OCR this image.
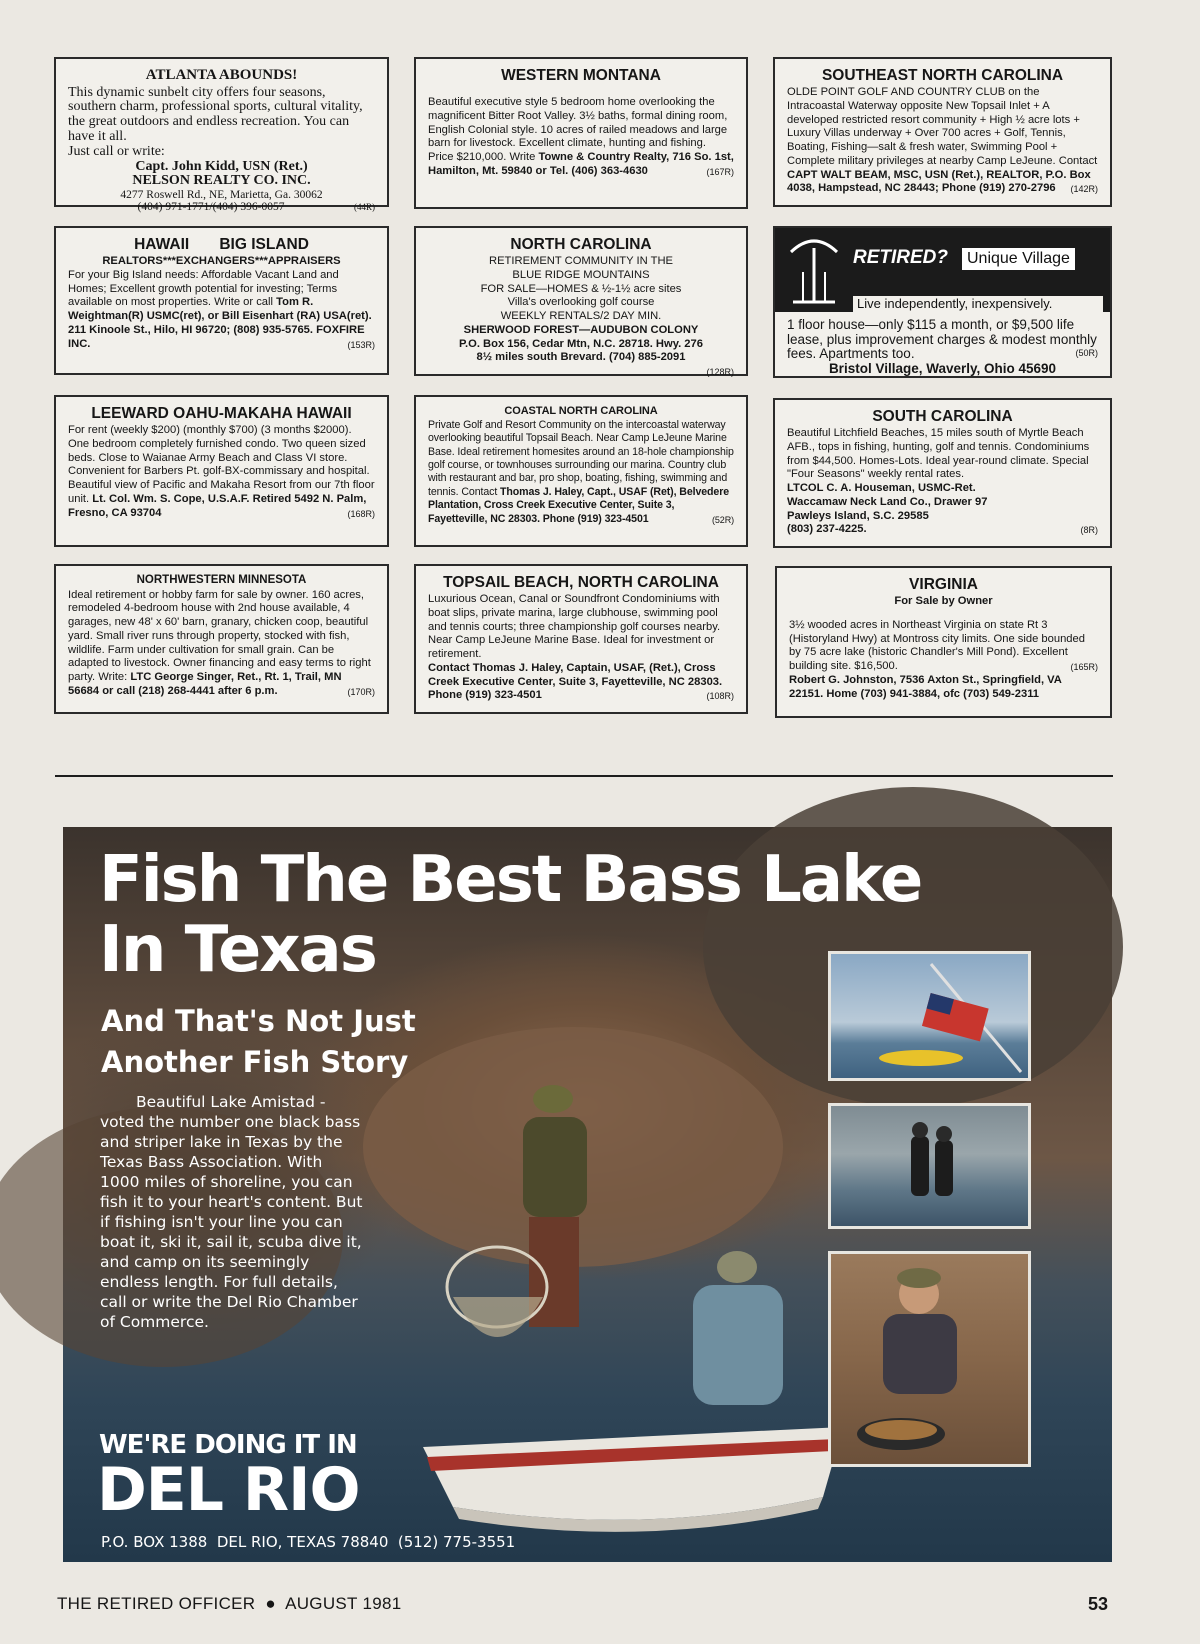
ATLANTA ABOUNDS!

This dynamic sunbelt city offers four seasons, southern charm, professional sports, cultural vitality, the great outdoors and endless recreation. You can have it all.

Just call or write:

Capt. John Kidd, USN (Ret.)

NELSON REALTY CO. INC.

4277 Roswell Rd., NE, Marietta, Ga. 30062

(404) 971-1771/(404) 396-0057	(44R)

WESTERN MONTANA

Beautiful executive style 5 bedroom home overlooking the magnificent Bitter Root Valley. 3½ baths, formal dining room, English Colonial style. 10 acres of railed meadows and large barn for livestock. Excellent climate, hunting and fishing. Price $210,000. Write Towne & Country Realty, 716 So. 1st, Hamilton, Mt. 59840 or Tel. (406) 363-4630	(167R)

SOUTHEAST NORTH CAROLINA

OLDE POINT GOLF AND COUNTRY CLUB on the Intracoastal Waterway opposite New Topsail Inlet + A developed restricted resort community + High ½ acre lots + Luxury Villas underway + Over 700 acres + Golf, Tennis, Boating, Fishing—salt & fresh water, Swimming Pool + Complete military privileges at nearby Camp LeJeune. Contact CAPT WALT BEAM, MSC, USN (Ret.), REALTOR, P.O. Box 4038, Hampstead, NC 28443; Phone (919) 270-2796 (142R)

HAWAII       BIG ISLAND

REALTORS***EXCHANGERS***APPRAISERS

For your Big Island needs: Affordable Vacant Land and Homes; Excellent growth potential for investing; Terms available on most properties. Write or call Tom R. Weightman(R) USMC(ret), or Bill Eisenhart (RA) USA(ret). 211 Kinoole St., Hilo, HI 96720; (808) 935-5765. FOXFIRE INC.	(153R)

NORTH CAROLINA

RETIREMENT COMMUNITY IN THE

BLUE RIDGE MOUNTAINS

FOR SALE—HOMES & ½-1½ acre sites

Villa's overlooking golf course

WEEKLY RENTALS/2 DAY MIN.

SHERWOOD FOREST—AUDUBON COLONY

P.O. Box 156, Cedar Mtn, N.C. 28718. Hwy. 276

8½ miles south Brevard. (704) 885-2091

(128R)

RETIRED?	Unique Village
Live independently, inexpensively.

1 floor house—only $115 a month, or $9,500 life lease, plus improvement charges & modest monthly fees. Apartments too.	(50R)

Bristol Village, Waverly, Ohio 45690

LEEWARD OAHU-MAKAHA HAWAII

For rent (weekly $200) (monthly $700) (3 months $2000). One bedroom completely furnished condo. Two queen sized beds. Close to Waianae Army Beach and Class VI store. Convenient for Barbers Pt. golf-BX-commissary and hospital. Beautiful view of Pacific and Makaha Resort from our 7th floor unit. Lt. Col. Wm. S. Cope, U.S.A.F. Retired 5492 N. Palm, Fresno, CA 93704	(168R)

COASTAL NORTH CAROLINA

Private Golf and Resort Community on the intercoastal waterway overlooking beautiful Topsail Beach. Near Camp LeJeune Marine Base. Ideal retirement homesites around an 18-hole championship golf course, or townhouses surrounding our marina. Country club with restaurant and bar, pro shop, boating, fishing, swimming and tennis. Contact Thomas J. Haley, Capt., USAF (Ret), Belvedere Plantation, Cross Creek Executive Center, Suite 3, Fayetteville, NC 28303. Phone (919) 323-4501	(52R)

SOUTH CAROLINA

Beautiful Litchfield Beaches, 15 miles south of Myrtle Beach AFB., tops in fishing, hunting, golf and tennis. Condominiums from $44,500. Homes-Lots. Ideal year-round climate. Special "Four Seasons" weekly rental rates.

LTCOL C. A. Houseman, USMC-Ret.

Waccamaw Neck Land Co., Drawer 97

Pawleys Island, S.C. 29585

(803) 237-4225.	(8R)

NORTHWESTERN MINNESOTA

Ideal retirement or hobby farm for sale by owner. 160 acres, remodeled 4-bedroom house with 2nd house available, 4 garages, new 48' x 60' barn, granary, chicken coop, beautiful yard. Small river runs through property, stocked with fish, wildlife. Farm under cultivation for small grain. Can be adapted to livestock. Owner financing and easy terms to right party. Write: LTC George Singer, Ret., Rt. 1, Trail, MN 56684 or call (218) 268-4441 after 6 p.m.	(170R)

TOPSAIL BEACH, NORTH CAROLINA

Luxurious Ocean, Canal or Soundfront Condominiums with boat slips, private marina, large clubhouse, swimming pool and tennis courts; three championship golf courses nearby. Near Camp LeJeune Marine Base. Ideal for investment or retirement.

Contact Thomas J. Haley, Captain, USAF, (Ret.), Cross Creek Executive Center, Suite 3, Fayetteville, NC 28303. Phone (919) 323-4501	(108R)

VIRGINIA

For Sale by Owner

3½ wooded acres in Northeast Virginia on state Rt 3 (Historyland Hwy) at Montross city limits. One side bounded by 75 acre lake (historic Chandler's Mill Pond). Excellent building site. $16,500.	(165R)

Robert G. Johnston, 7536 Axton St., Springfield, VA 22151. Home (703) 941-3884, ofc (703) 549-2311

Fish The Best Bass Lake
In Texas
And That's Not Just
Another Fish Story
Beautiful Lake Amistad - voted the number one black bass and striper lake in Texas by the Texas Bass Association. With 1000 miles of shoreline, you can fish it to your heart's content. But if fishing isn't your line you can boat it, ski it, sail it, scuba dive it, and camp on its seemingly endless length. For full details, call or write the Del Rio Chamber of Commerce.
WE'RE DOING IT IN
DEL RIO
P.O. BOX 1388  DEL RIO, TEXAS 78840  (512) 775-3551
THE RETIRED OFFICER  ●  AUGUST 1981	53
